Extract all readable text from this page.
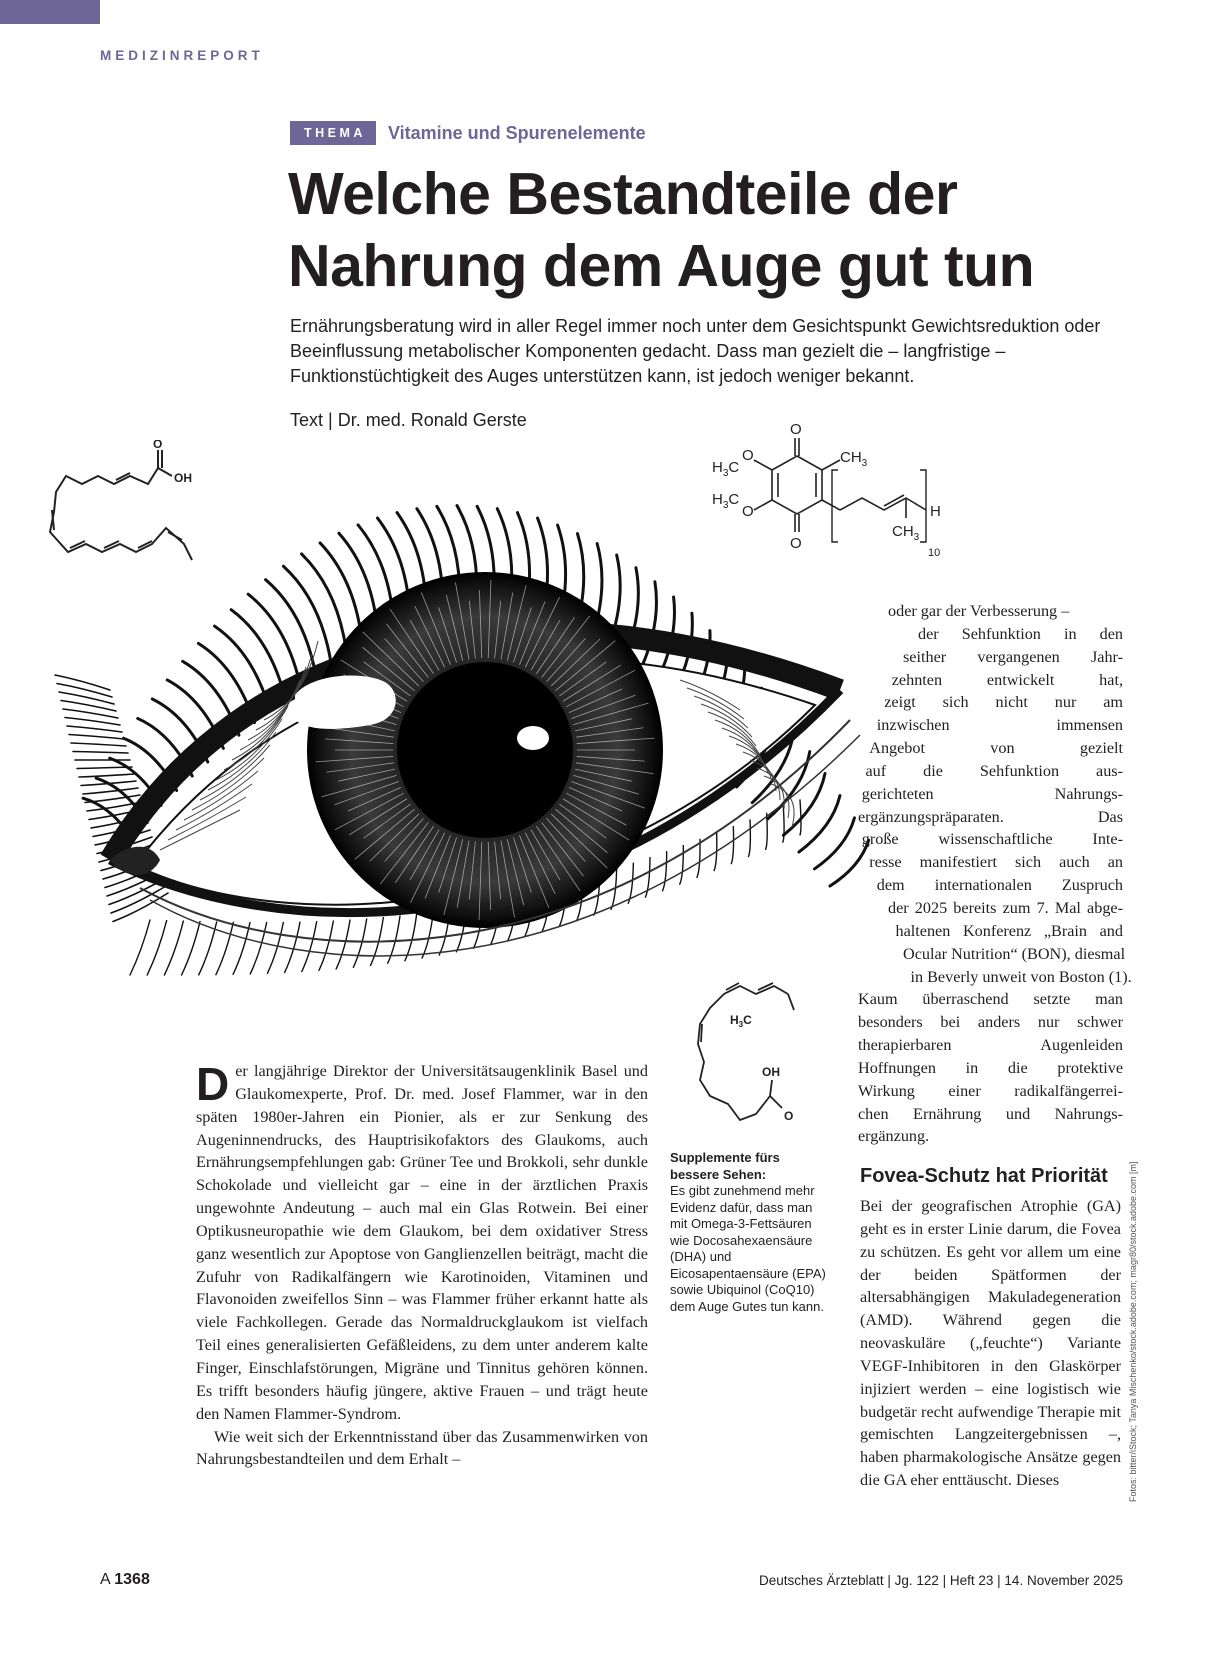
MEDIZINREPORT
THEMA	Vitamine und Spurenelemente
Welche Bestandteile der Nahrung dem Auge gut tun

Ernährungsberatung wird in aller Regel immer noch unter dem Gesichtspunkt Gewichtsreduktion oder Beeinflussung metabolischer Komponenten gedacht. Dass man gezielt die – langfristige – Funktionstüchtigkeit des Auges unterstützen kann, ist jedoch weniger bekannt.

Text | Dr. med. Ronald Gerste
O
OH
O
O
O
O
$H_3C$
$H_3C$
$CH_3$
$CH_3$
H
10
$H_3C$
OH
O
oder gar der Verbesserung –
der Sehfunktion in den
seither vergangenen Jahr-
zehnten entwickelt hat,
zeigt sich nicht nur am
inzwischen immensen
Angebot von gezielt
auf die Sehfunktion aus-
gerichteten Nahrungs-
ergänzungspräparaten. Das
große wissenschaftliche Inte-
resse manifestiert sich auch an
dem internationalen Zuspruch
der 2025 bereits zum 7. Mal abge-
haltenen Konferenz „Brain and
Ocular Nutrition“ (BON), diesmal
in Beverly unweit von Boston (1).
Kaum überraschend setzte man
besonders bei anders nur schwer
therapierbaren Augenleiden
Hoffnungen in die protektive
Wirkung einer radikalfängerrei-
chen Ernährung und Nahrungs-
ergänzung.

Der langjährige Direktor der Universitätsaugenklinik Basel und Glaukomexperte, Prof. Dr. med. Josef Flammer, war in den späten 1980er-Jahren ein Pionier, als er zur Senkung des Augeninnendrucks, des Hauptrisikofaktors des Glaukoms, auch Ernährungsempfehlungen gab: Grüner Tee und Brokkoli, sehr dunkle Schokolade und vielleicht gar – eine in der ärztlichen Praxis ungewohnte Andeutung – auch mal ein Glas Rotwein. Bei einer Optikusneuropathie wie dem Glaukom, bei dem oxidativer Stress ganz wesentlich zur Apoptose von Ganglienzellen beiträgt, macht die Zufuhr von Radikalfängern wie Karotinoiden, Vitaminen und Flavonoiden zweifellos Sinn – was Flammer früher erkannt hatte als viele Fachkollegen. Gerade das Normaldruckglaukom ist vielfach Teil eines generalisierten Gefäßleidens, zu dem unter anderem kalte Finger, Einschlafstörungen, Migräne und Tinnitus gehören können. Es trifft besonders häufig jüngere, aktive Frauen – und trägt heute den Namen Flammer-Syndrom.

Wie weit sich der Erkenntnisstand über das Zusammenwirken von Nahrungsbestandteilen und dem Erhalt –

Supplemente fürs bessere Sehen:
Es gibt zunehmend mehr Evidenz dafür, dass man mit Omega-3-Fettsäuren wie Docosahexaensäure (DHA) und Eicosapentaensäure (EPA) sowie Ubiquinol (CoQ10) dem Auge Gutes tun kann.
Fovea-Schutz hat Priorität

Bei der geografischen Atrophie (GA) geht es in erster Linie darum, die Fovea zu schützen. Es geht vor allem um eine der beiden Spätformen der altersabhängigen Makuladegeneration (AMD). Während gegen die neovaskuläre („feuchte“) Variante VEGF-Inhibitoren in den Glaskörper injiziert werden – eine logistisch wie budgetär recht aufwendige Therapie mit gemischten Langzeitergebnissen –, haben pharmakologische Ansätze gegen die GA eher enttäuscht. Dieses	Fotos: bitter/iStock; Tanya Mischenko/stock.adobe.com; magr80/stock.adobe.com [m]
A 1368	Deutsches Ärzteblatt | Jg. 122 | Heft 23 | 14. November 2025
